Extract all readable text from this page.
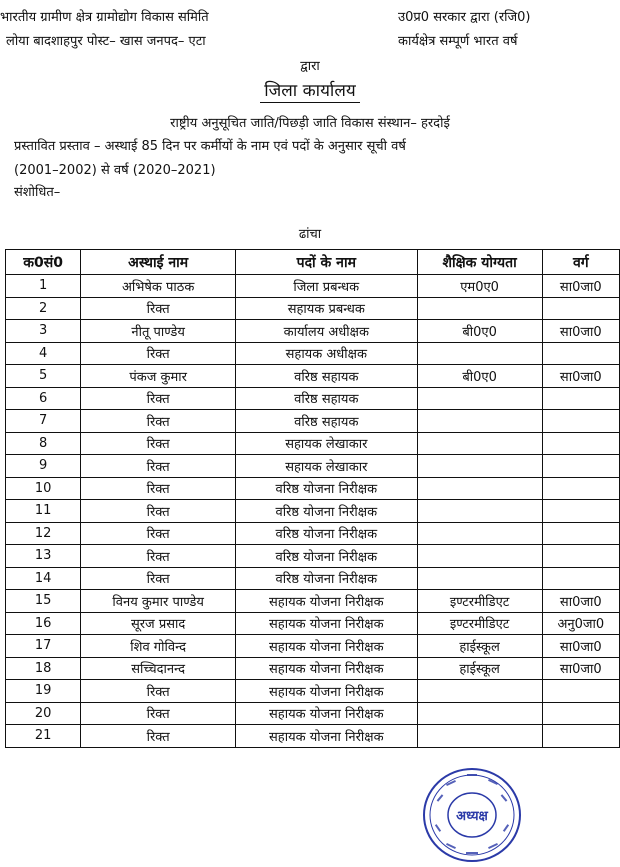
भारतीय ग्रामीण क्षेत्र ग्रामोद्योग विकास समिति
लोया बादशाहपुर पोस्ट– खास जनपद– एटा
उ0प्र0 सरकार द्वारा (रजि0)
कार्यक्षेत्र सम्पूर्ण भारत वर्ष
द्वारा
जिला कार्यालय
राष्ट्रीय अनुसूचित जाति/पिछड़ी जाति विकास संस्थान– हरदोई
प्रस्तावित प्रस्ताव – अस्थाई 85 दिन पर कर्मीयों के नाम एवं पदों के अनुसार सूची वर्ष
(2001–2002) से वर्ष (2020–2021)
संशोधित–
ढांचा
क0सं0	अस्थाई नाम	पदों के नाम	शैक्षिक योग्यता	वर्ग
1	अभिषेक पाठक	जिला प्रबन्धक	एम0ए0	सा0जा0
2	रिक्त	सहायक प्रबन्धक		
3	नीतू पाण्डेय	कार्यालय अधीक्षक	बी0ए0	सा0जा0
4	रिक्त	सहायक अधीक्षक		
5	पंकज कुमार	वरिष्ठ सहायक	बी0ए0	सा0जा0
6	रिक्त	वरिष्ठ सहायक		
7	रिक्त	वरिष्ठ सहायक		
8	रिक्त	सहायक लेखाकार		
9	रिक्त	सहायक लेखाकार		
10	रिक्त	वरिष्ठ योजना निरीक्षक		
11	रिक्त	वरिष्ठ योजना निरीक्षक		
12	रिक्त	वरिष्ठ योजना निरीक्षक		
13	रिक्त	वरिष्ठ योजना निरीक्षक		
14	रिक्त	वरिष्ठ योजना निरीक्षक		
15	विनय कुमार पाण्डेय	सहायक योजना निरीक्षक	इण्टरमीडिएट	सा0जा0
16	सूरज प्रसाद	सहायक योजना निरीक्षक	इण्टरमीडिएट	अनु0जा0
17	शिव गोविन्द	सहायक योजना निरीक्षक	हाईस्कूल	सा0जा0
18	सच्चिदानन्द	सहायक योजना निरीक्षक	हाईस्कूल	सा0जा0
19	रिक्त	सहायक योजना निरीक्षक		
20	रिक्त	सहायक योजना निरीक्षक		
21	रिक्त	सहायक योजना निरीक्षक		
अध्यक्ष
